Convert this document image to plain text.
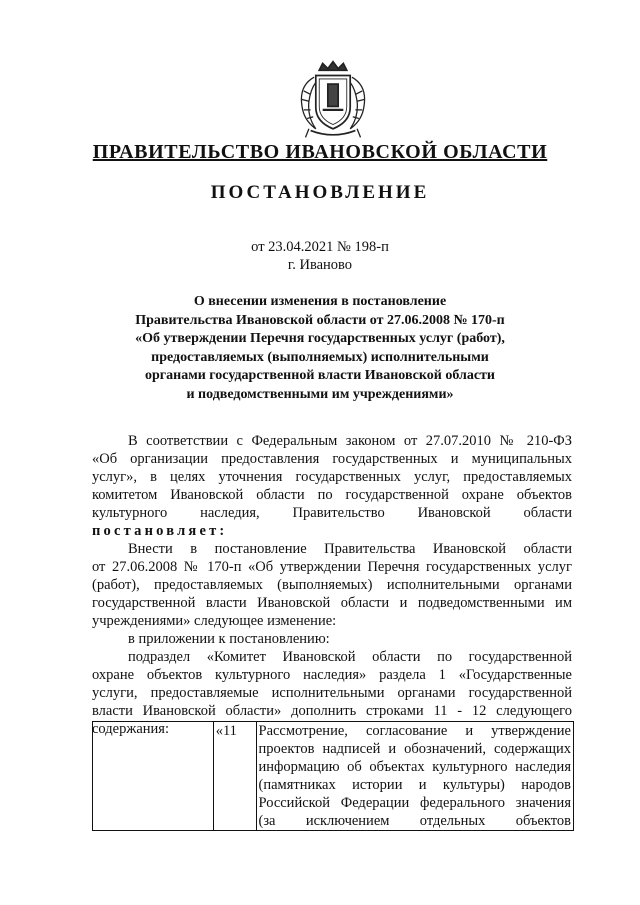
ПРАВИТЕЛЬСТВО ИВАНОВСКОЙ ОБЛАСТИ
ПОСТАНОВЛЕНИЕ
от 23.04.2021 № 198-п
г. Иваново
О внесении изменения в постановление
Правительства Ивановской области от 27.06.2008 № 170-п
«Об утверждении Перечня государственных услуг (работ),
предоставляемых (выполняемых) исполнительными
органами государственной власти Ивановской области
и подведомственными им учреждениями»
В соответствии с Федеральным законом от 27.07.2010 № 210-ФЗ
«Об организации предоставления государственных и муниципальных
услуг», в целях уточнения государственных услуг, предоставляемых
комитетом Ивановской области по государственной охране объектов
культурного наследия, Правительство Ивановской области
постановляет:
Внести в постановление Правительства Ивановской области
от 27.06.2008 № 170-п «Об утверждении Перечня государственных услуг
(работ), предоставляемых (выполняемых) исполнительными органами
государственной власти Ивановской области и подведомственными им
учреждениями» следующее изменение:
в приложении к постановлению:
подраздел «Комитет Ивановской области по государственной
охране объектов культурного наследия» раздела 1 «Государственные
услуги, предоставляемые исполнительными органами государственной
власти Ивановской области» дополнить строками 11 - 12 следующего
содержания:
		«11	Рассмотрение, согласование и утверждение
проектов надписей и обозначений, содержащих
информацию об объектах культурного наследия
(памятниках истории и культуры) народов
Российской Федерации федерального значения
(за исключением отдельных объектов
